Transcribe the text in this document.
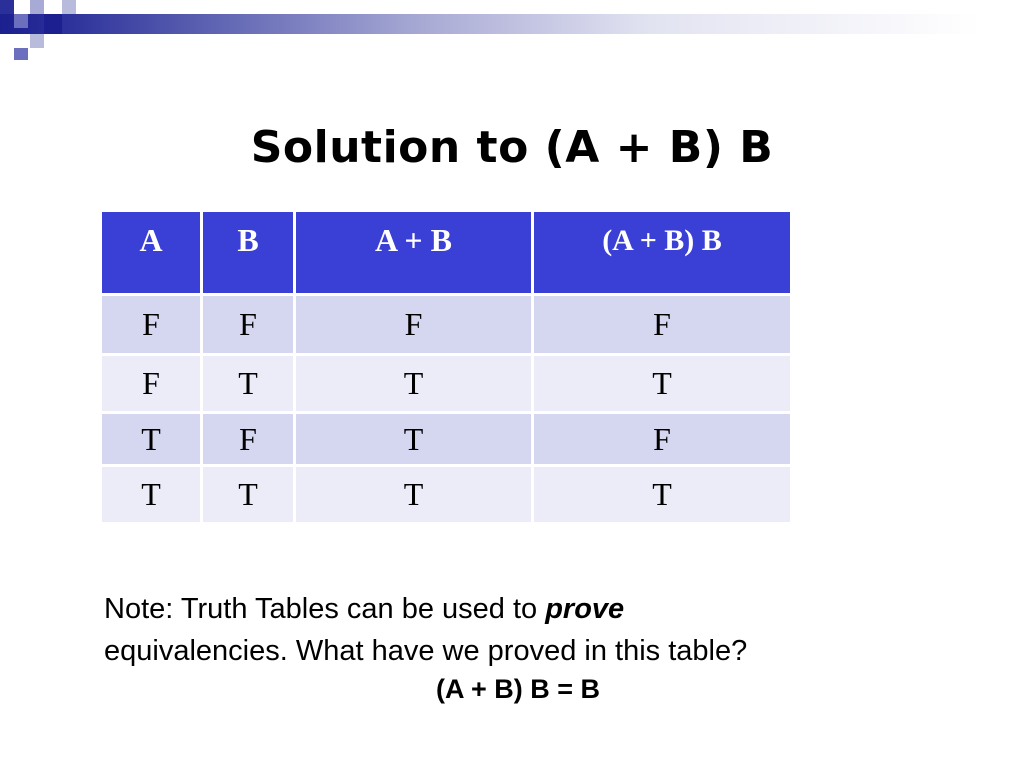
Solution to (A + B) B
A	B	A + B	(A + B) B
F	F	F	F
F	T	T	T
T	F	T	F
T	T	T	T
Note: Truth Tables can be used to prove
equivalencies. What have we proved in this table?
(A + B) B = B
